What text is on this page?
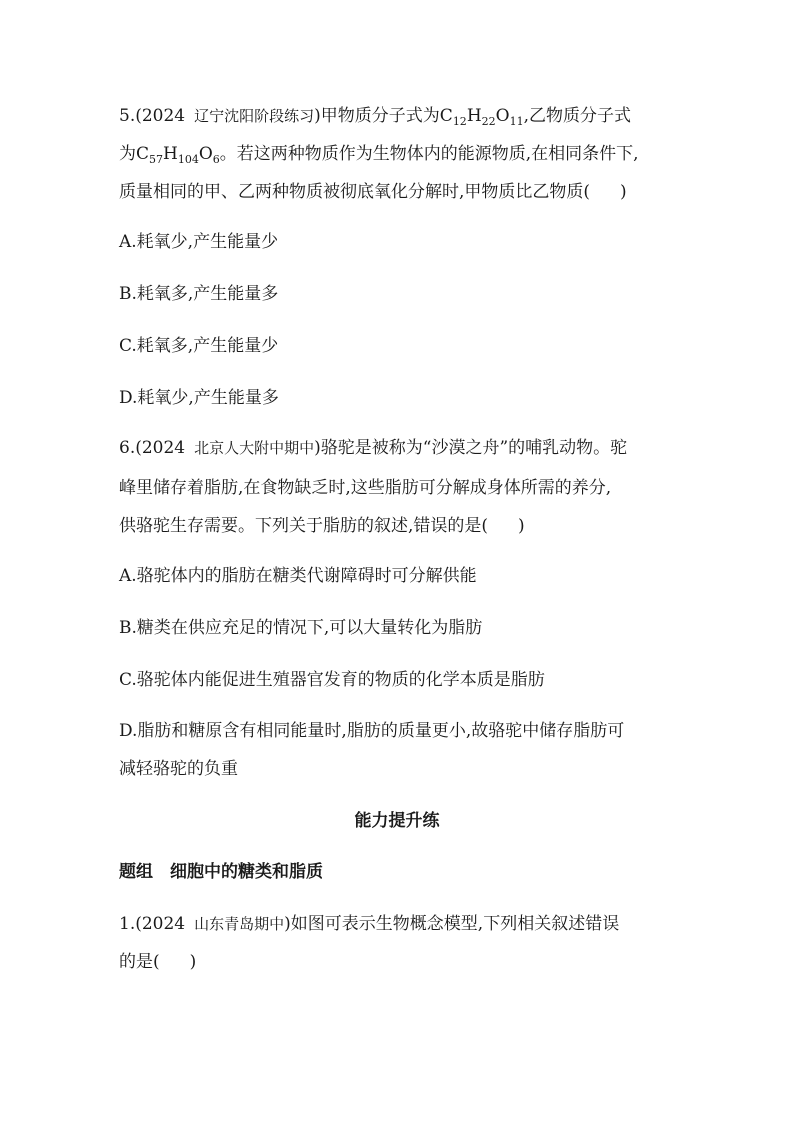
5.(2024 辽宁沈阳阶段练习)甲物质分子式为$C_{12}H_{22}O_{11}$,乙物质分子式
为$C_{57}H_{104}O_6$。若这两种物质作为生物体内的能源物质,在相同条件下,
质量相同的甲、乙两种物质被彻底氧化分解时,甲物质比乙物质( )
A.耗氧少,产生能量少
B.耗氧多,产生能量多
C.耗氧多,产生能量少
D.耗氧少,产生能量多
6.(2024 北京人大附中期中)骆驼是被称为“沙漠之舟”的哺乳动物。驼
峰里储存着脂肪,在食物缺乏时,这些脂肪可分解成身体所需的养分,
供骆驼生存需要。下列关于脂肪的叙述,错误的是( )
A.骆驼体内的脂肪在糖类代谢障碍时可分解供能
B.糖类在供应充足的情况下,可以大量转化为脂肪
C.骆驼体内能促进生殖器官发育的物质的化学本质是脂肪
D.脂肪和糖原含有相同能量时,脂肪的质量更小,故骆驼中储存脂肪可
减轻骆驼的负重
能力提升练
题组　细胞中的糖类和脂质
1.(2024 山东青岛期中)如图可表示生物概念模型,下列相关叙述错误
的是( )
